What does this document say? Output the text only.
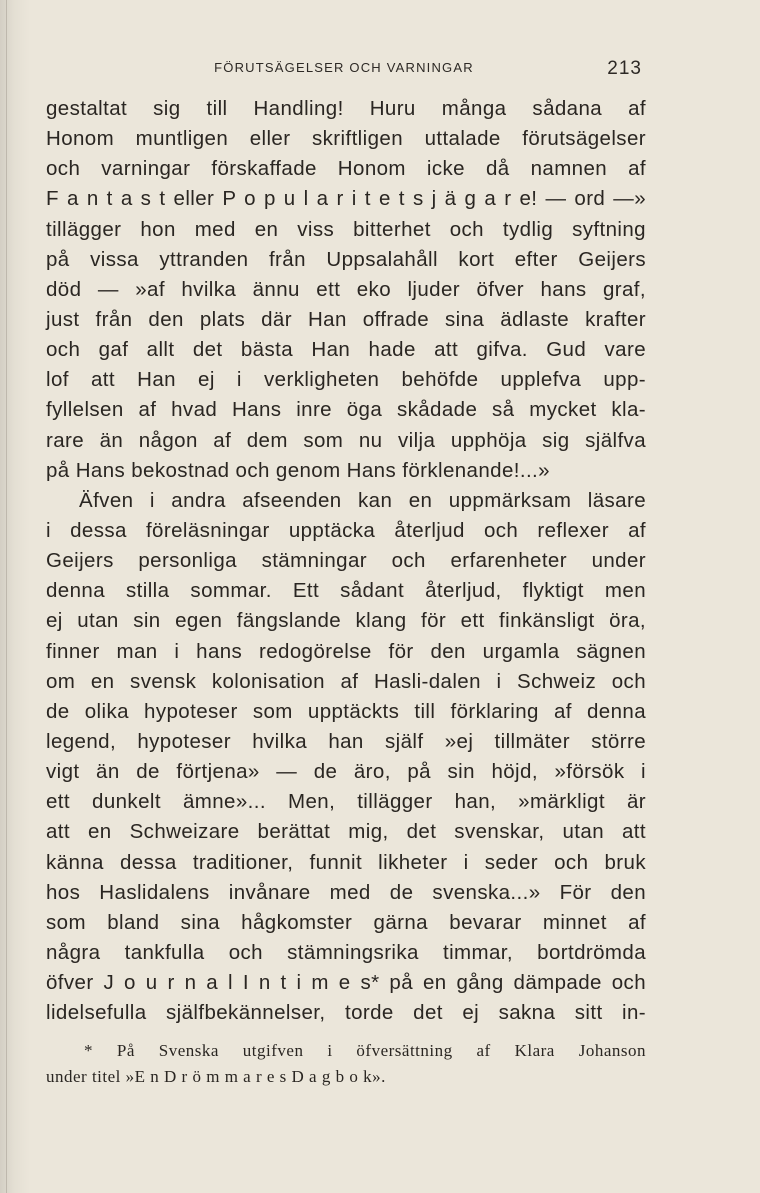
FÖRUTSÄGELSER OCH VARNINGAR	213
gestaltat sig till Handling! Huru många sådana af
Honom muntligen eller skriftligen uttalade förutsägelser
och varningar förskaffade Honom icke då namnen af
F a n t a s t eller P o p u l a r i t e t s j ä g a r e! — ord —»
tillägger hon med en viss bitterhet och tydlig syftning
på vissa yttranden från Uppsalahåll kort efter Geijers
död — »af hvilka ännu ett eko ljuder öfver hans graf,
just från den plats där Han offrade sina ädlaste krafter
och gaf allt det bästa Han hade att gifva. Gud vare
lof att Han ej i verkligheten behöfde upplefva upp-
fyllelsen af hvad Hans inre öga skådade så mycket kla-
rare än någon af dem som nu vilja upphöja sig själfva
på Hans bekostnad och genom Hans förklenande!...»
Äfven i andra afseenden kan en uppmärksam läsare
i dessa föreläsningar upptäcka återljud och reflexer af
Geijers personliga stämningar och erfarenheter under
denna stilla sommar. Ett sådant återljud, flyktigt men
ej utan sin egen fängslande klang för ett finkänsligt öra,
finner man i hans redogörelse för den urgamla sägnen
om en svensk kolonisation af Hasli-dalen i Schweiz och
de olika hypoteser som upptäckts till förklaring af denna
legend, hypoteser hvilka han själf »ej tillmäter större
vigt än de förtjena» — de äro, på sin höjd, »försök i
ett dunkelt ämne»... Men, tillägger han, »märkligt är
att en Schweizare berättat mig, det svenskar, utan att
känna dessa traditioner, funnit likheter i seder och bruk
hos Haslidalens invånare med de svenska...» För den
som bland sina hågkomster gärna bevarar minnet af
några tankfulla och stämningsrika timmar, bortdrömda
öfver J o u r n a l I n t i m e s* på en gång dämpade och
lidelsefulla själfbekännelser, torde det ej sakna sitt in-
* På Svenska utgifven i öfversättning af Klara Johanson
under titel »E n D r ö m m a r e s D a g b o k».
